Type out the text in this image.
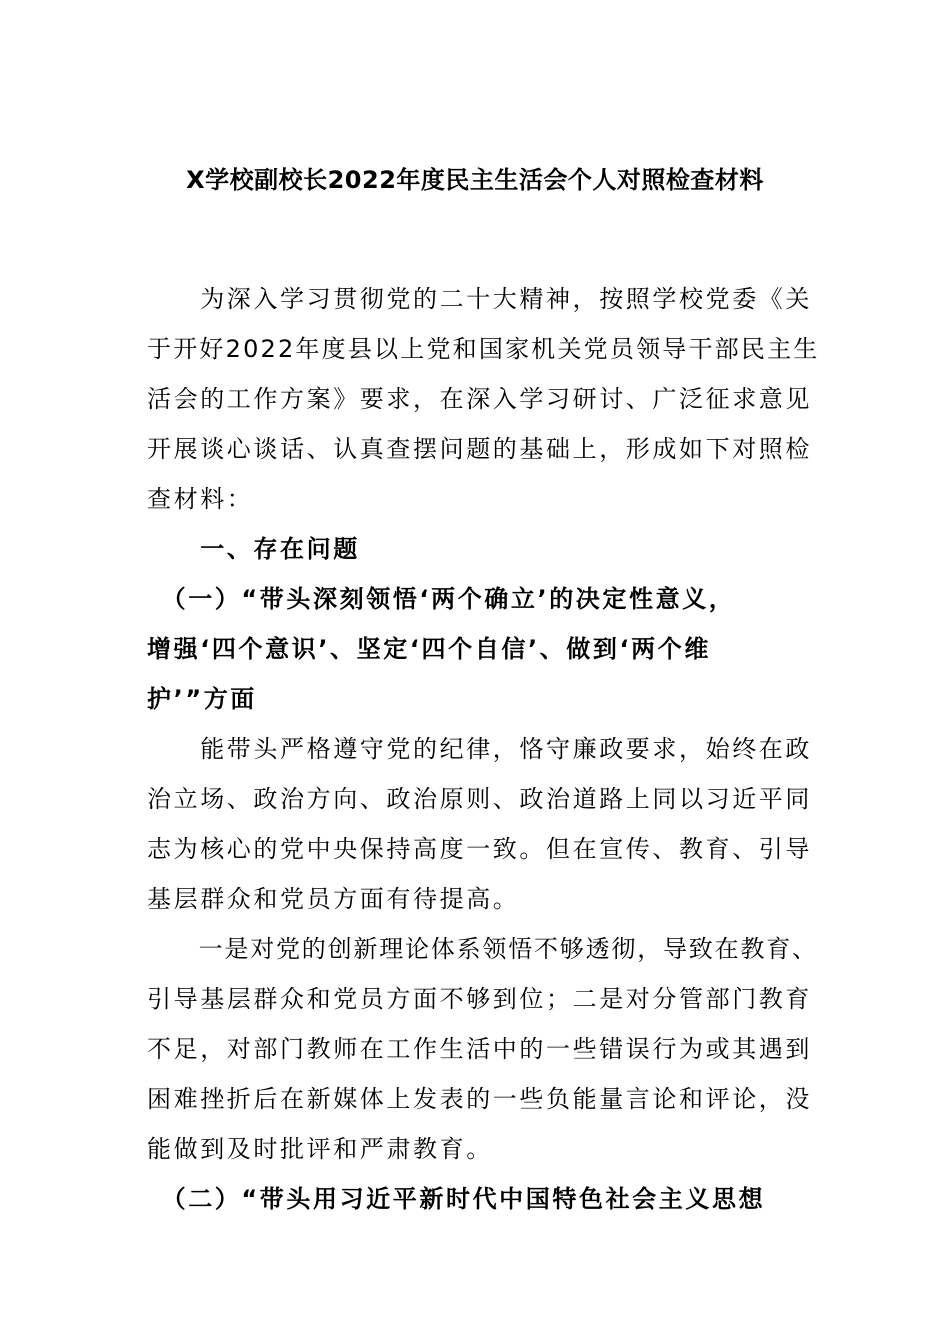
X学校副校长2022年度民主生活会个人对照检查材料
　　为深入学习贯彻党的二十大精神，按照学校党委《关
于开好2022年度县以上党和国家机关党员领导干部民主生
活会的工作方案》要求，在深入学习研讨、广泛征求意见
开展谈心谈话、认真查摆问题的基础上，形成如下对照检
查材料：
　　一、存在问题
　（一）“带头深刻领悟‘两个确立’的决定性意义，
增强‘四个意识’、坚定‘四个自信’、做到‘两个维
护’”方面
　　能带头严格遵守党的纪律，恪守廉政要求，始终在政
治立场、政治方向、政治原则、政治道路上同以习近平同
志为核心的党中央保持高度一致。但在宣传、教育、引导
基层群众和党员方面有待提高。
　　一是对党的创新理论体系领悟不够透彻，导致在教育、
引导基层群众和党员方面不够到位；二是对分管部门教育
不足，对部门教师在工作生活中的一些错误行为或其遇到
困难挫折后在新媒体上发表的一些负能量言论和评论，没
能做到及时批评和严肃教育。
　（二）“带头用习近平新时代中国特色社会主义思想
